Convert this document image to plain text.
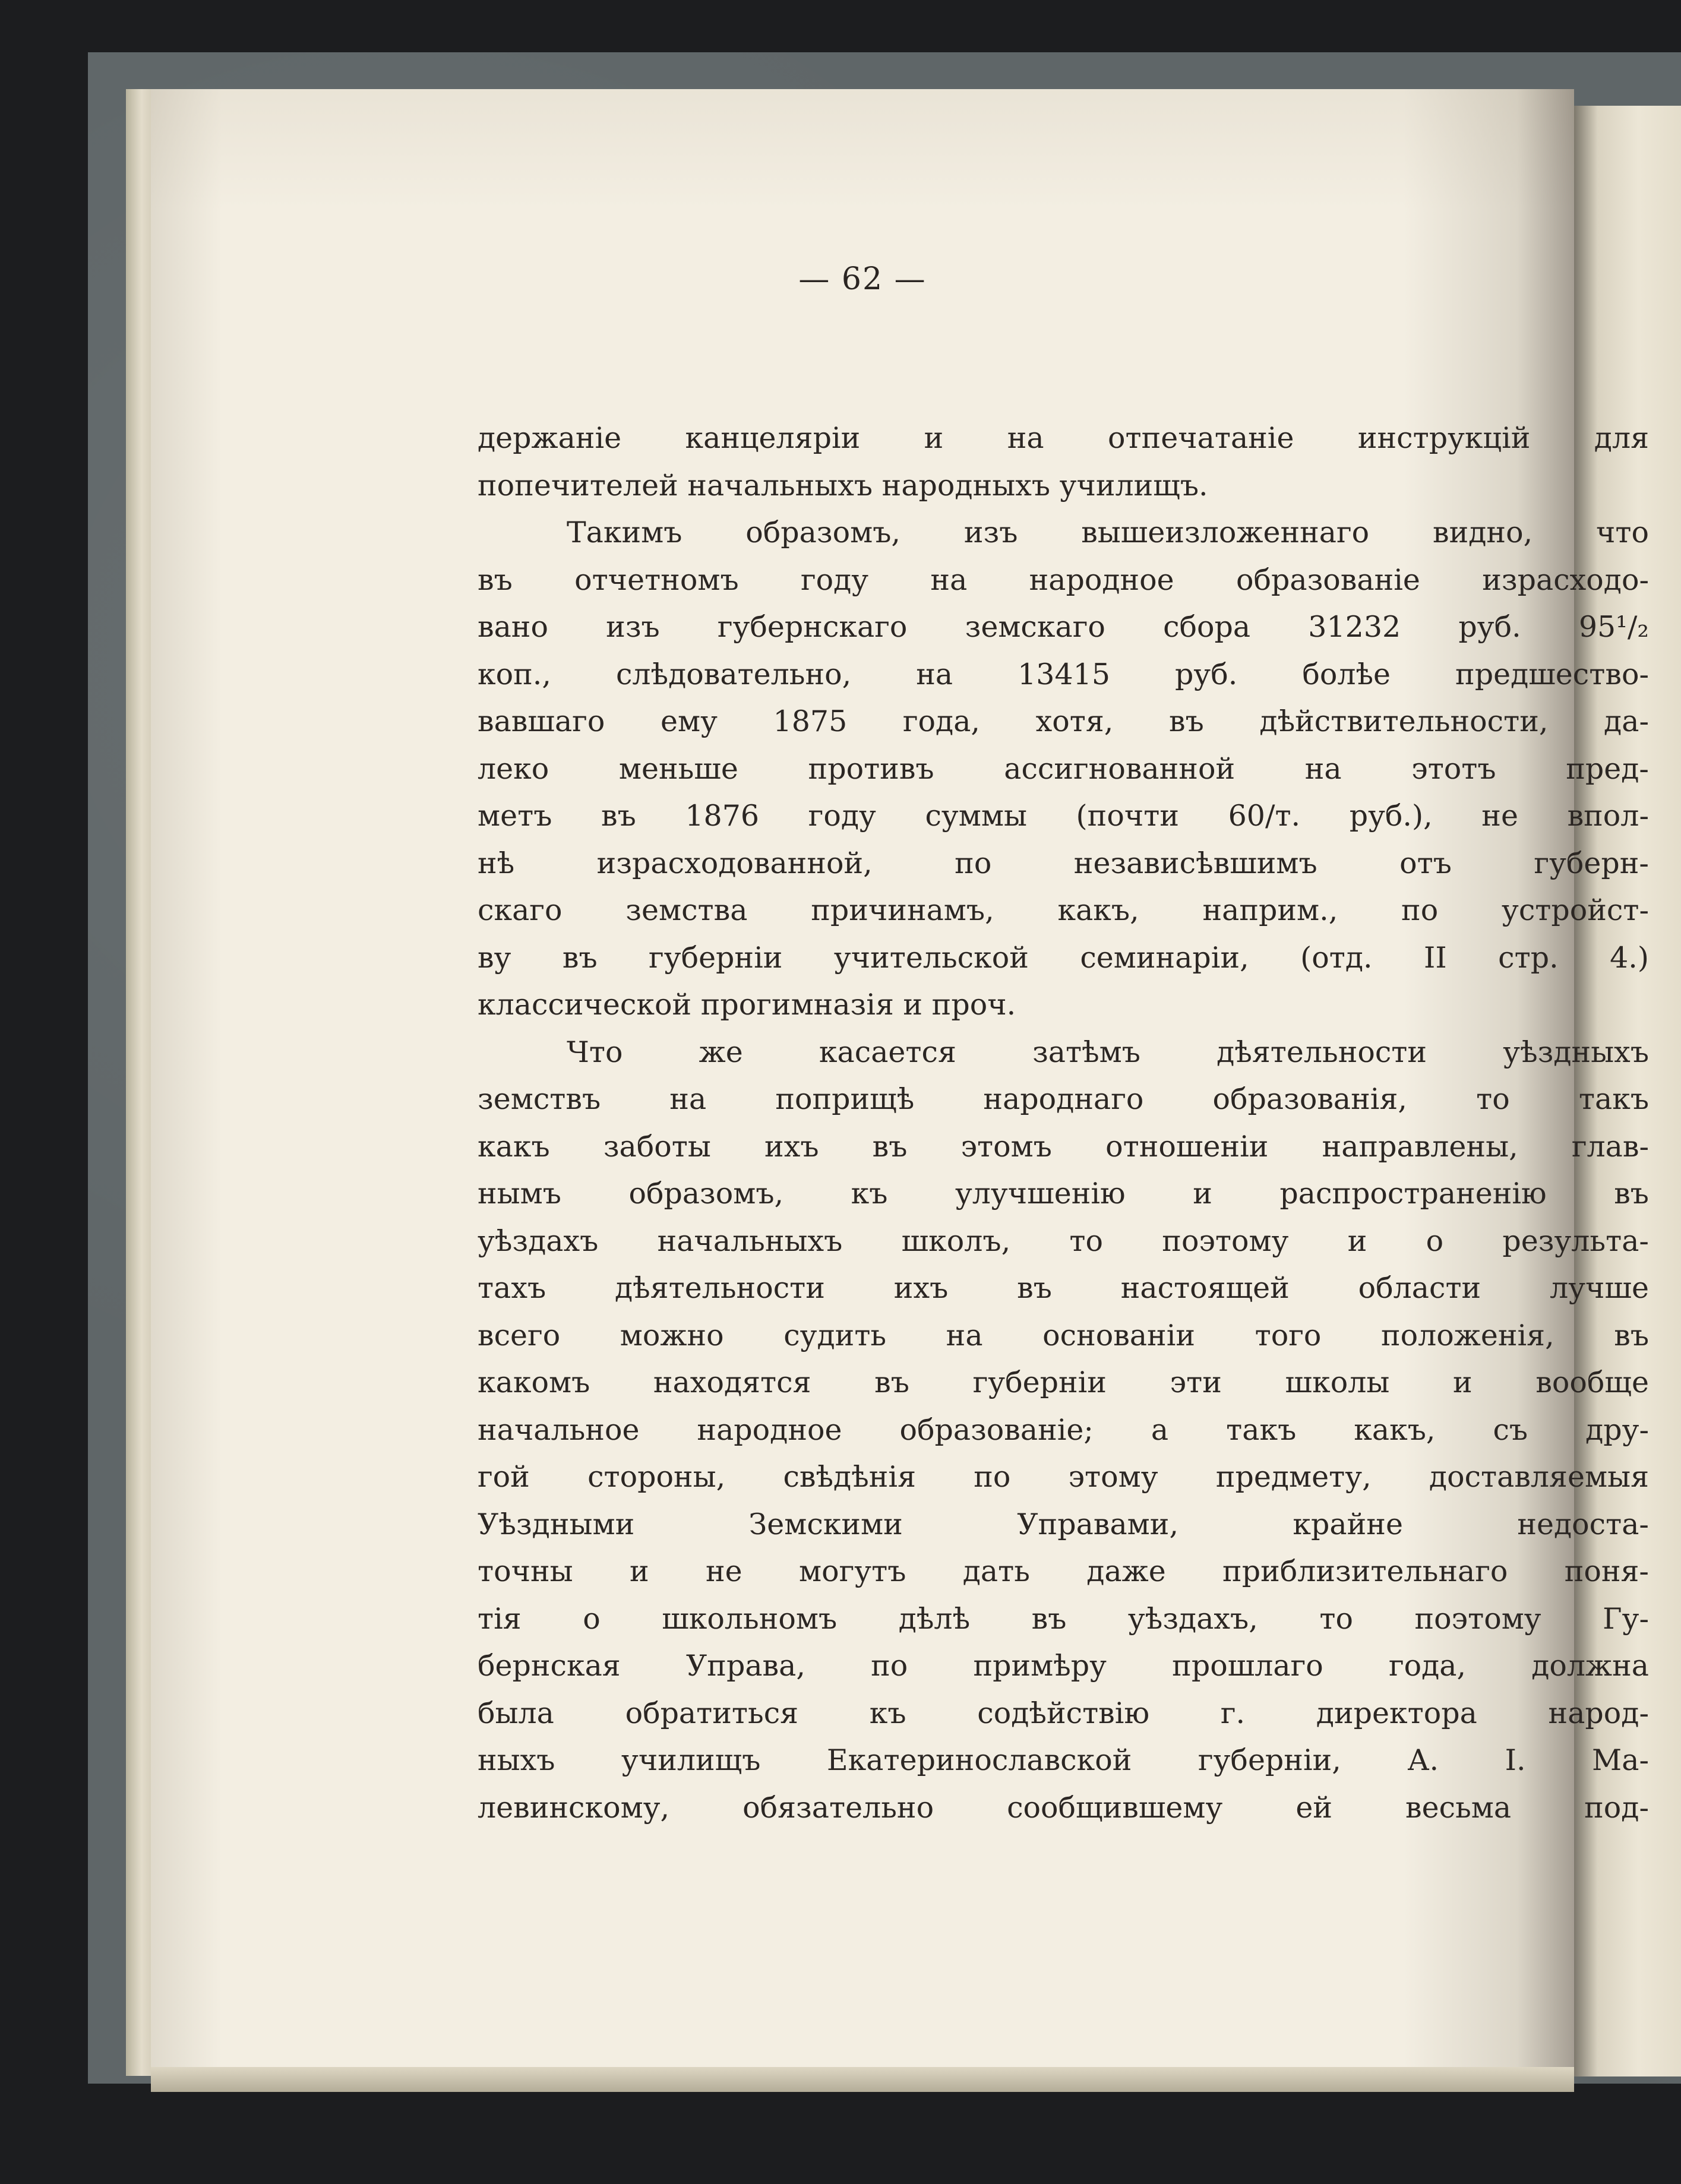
— 62 —
держаніе канцеляріи и на отпечатаніе инструкцій для
попечителей начальныхъ народныхъ училищъ.
Такимъ образомъ, изъ вышеизложеннаго видно, что
въ отчетномъ году на народное образованіе израсходо-
вано изъ губернскаго земскаго сбора 31232 руб. 95¹/₂
коп., слѣдовательно, на 13415 руб. болѣе предшество-
вавшаго ему 1875 года, хотя, въ дѣйствительности, да-
леко меньше противъ ассигнованной на этотъ пред-
метъ въ 1876 году суммы (почти 60/т. руб.), не впол-
нѣ израсходованной, по независѣвшимъ отъ губерн-
скаго земства причинамъ, какъ, наприм., по устройст-
ву въ губерніи учительской семинаріи, (отд. II стр. 4.)
классической прогимназія и проч.
Что же касается затѣмъ дѣятельности уѣздныхъ
земствъ на поприщѣ народнаго образованія, то такъ
какъ заботы ихъ въ этомъ отношеніи направлены, глав-
нымъ образомъ, къ улучшенію и распространенію въ
уѣздахъ начальныхъ школъ, то поэтому и о результа-
тахъ дѣятельности ихъ въ настоящей области лучше
всего можно судить на основаніи того положенія, въ
какомъ находятся въ губерніи эти школы и вообще
начальное народное образованіе; а такъ какъ, съ дру-
гой стороны, свѣдѣнія по этому предмету, доставляемыя
Уѣздными Земскими Управами, крайне недоста-
точны и не могутъ дать даже приблизительнаго поня-
тія о школьномъ дѣлѣ въ уѣздахъ, то поэтому Гу-
бернская Управа, по примѣру прошлаго года, должна
была обратиться къ содѣйствію г. директора народ-
ныхъ училищъ Екатеринославской губерніи, А. І. Ма-
левинскому, обязательно сообщившему ей весьма под-
